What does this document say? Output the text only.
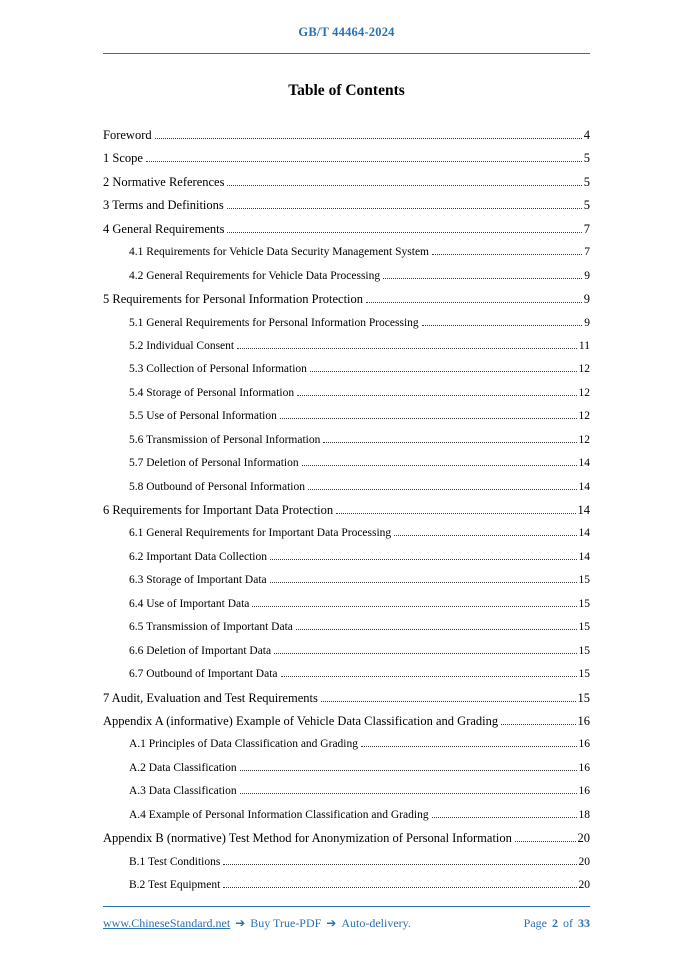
GB/T 44464-2024
Table of Contents
Foreword	4
1 Scope	5
2 Normative References	5
3 Terms and Definitions	5
4 General Requirements	7
4.1 Requirements for Vehicle Data Security Management System	7
4.2 General Requirements for Vehicle Data Processing	9
5 Requirements for Personal Information Protection	9
5.1 General Requirements for Personal Information Processing	9
5.2 Individual Consent	11
5.3 Collection of Personal Information	12
5.4 Storage of Personal Information	12
5.5 Use of Personal Information	12
5.6 Transmission of Personal Information	12
5.7 Deletion of Personal Information	14
5.8 Outbound of Personal Information	14
6 Requirements for Important Data Protection	14
6.1 General Requirements for Important Data Processing	14
6.2 Important Data Collection	14
6.3 Storage of Important Data	15
6.4 Use of Important Data	15
6.5 Transmission of Important Data	15
6.6 Deletion of Important Data	15
6.7 Outbound of Important Data	15
7 Audit, Evaluation and Test Requirements	15
Appendix A (informative) Example of Vehicle Data Classification and Grading	16
A.1 Principles of Data Classification and Grading	16
A.2 Data Classification	16
A.3 Data Classification	16
A.4 Example of Personal Information Classification and Grading	18
Appendix B (normative) Test Method for Anonymization of Personal Information	20
B.1 Test Conditions	20
B.2 Test Equipment	20
www.ChineseStandard.net ➔ Buy True-PDF ➔ Auto-delivery.	Page 2 of 33
